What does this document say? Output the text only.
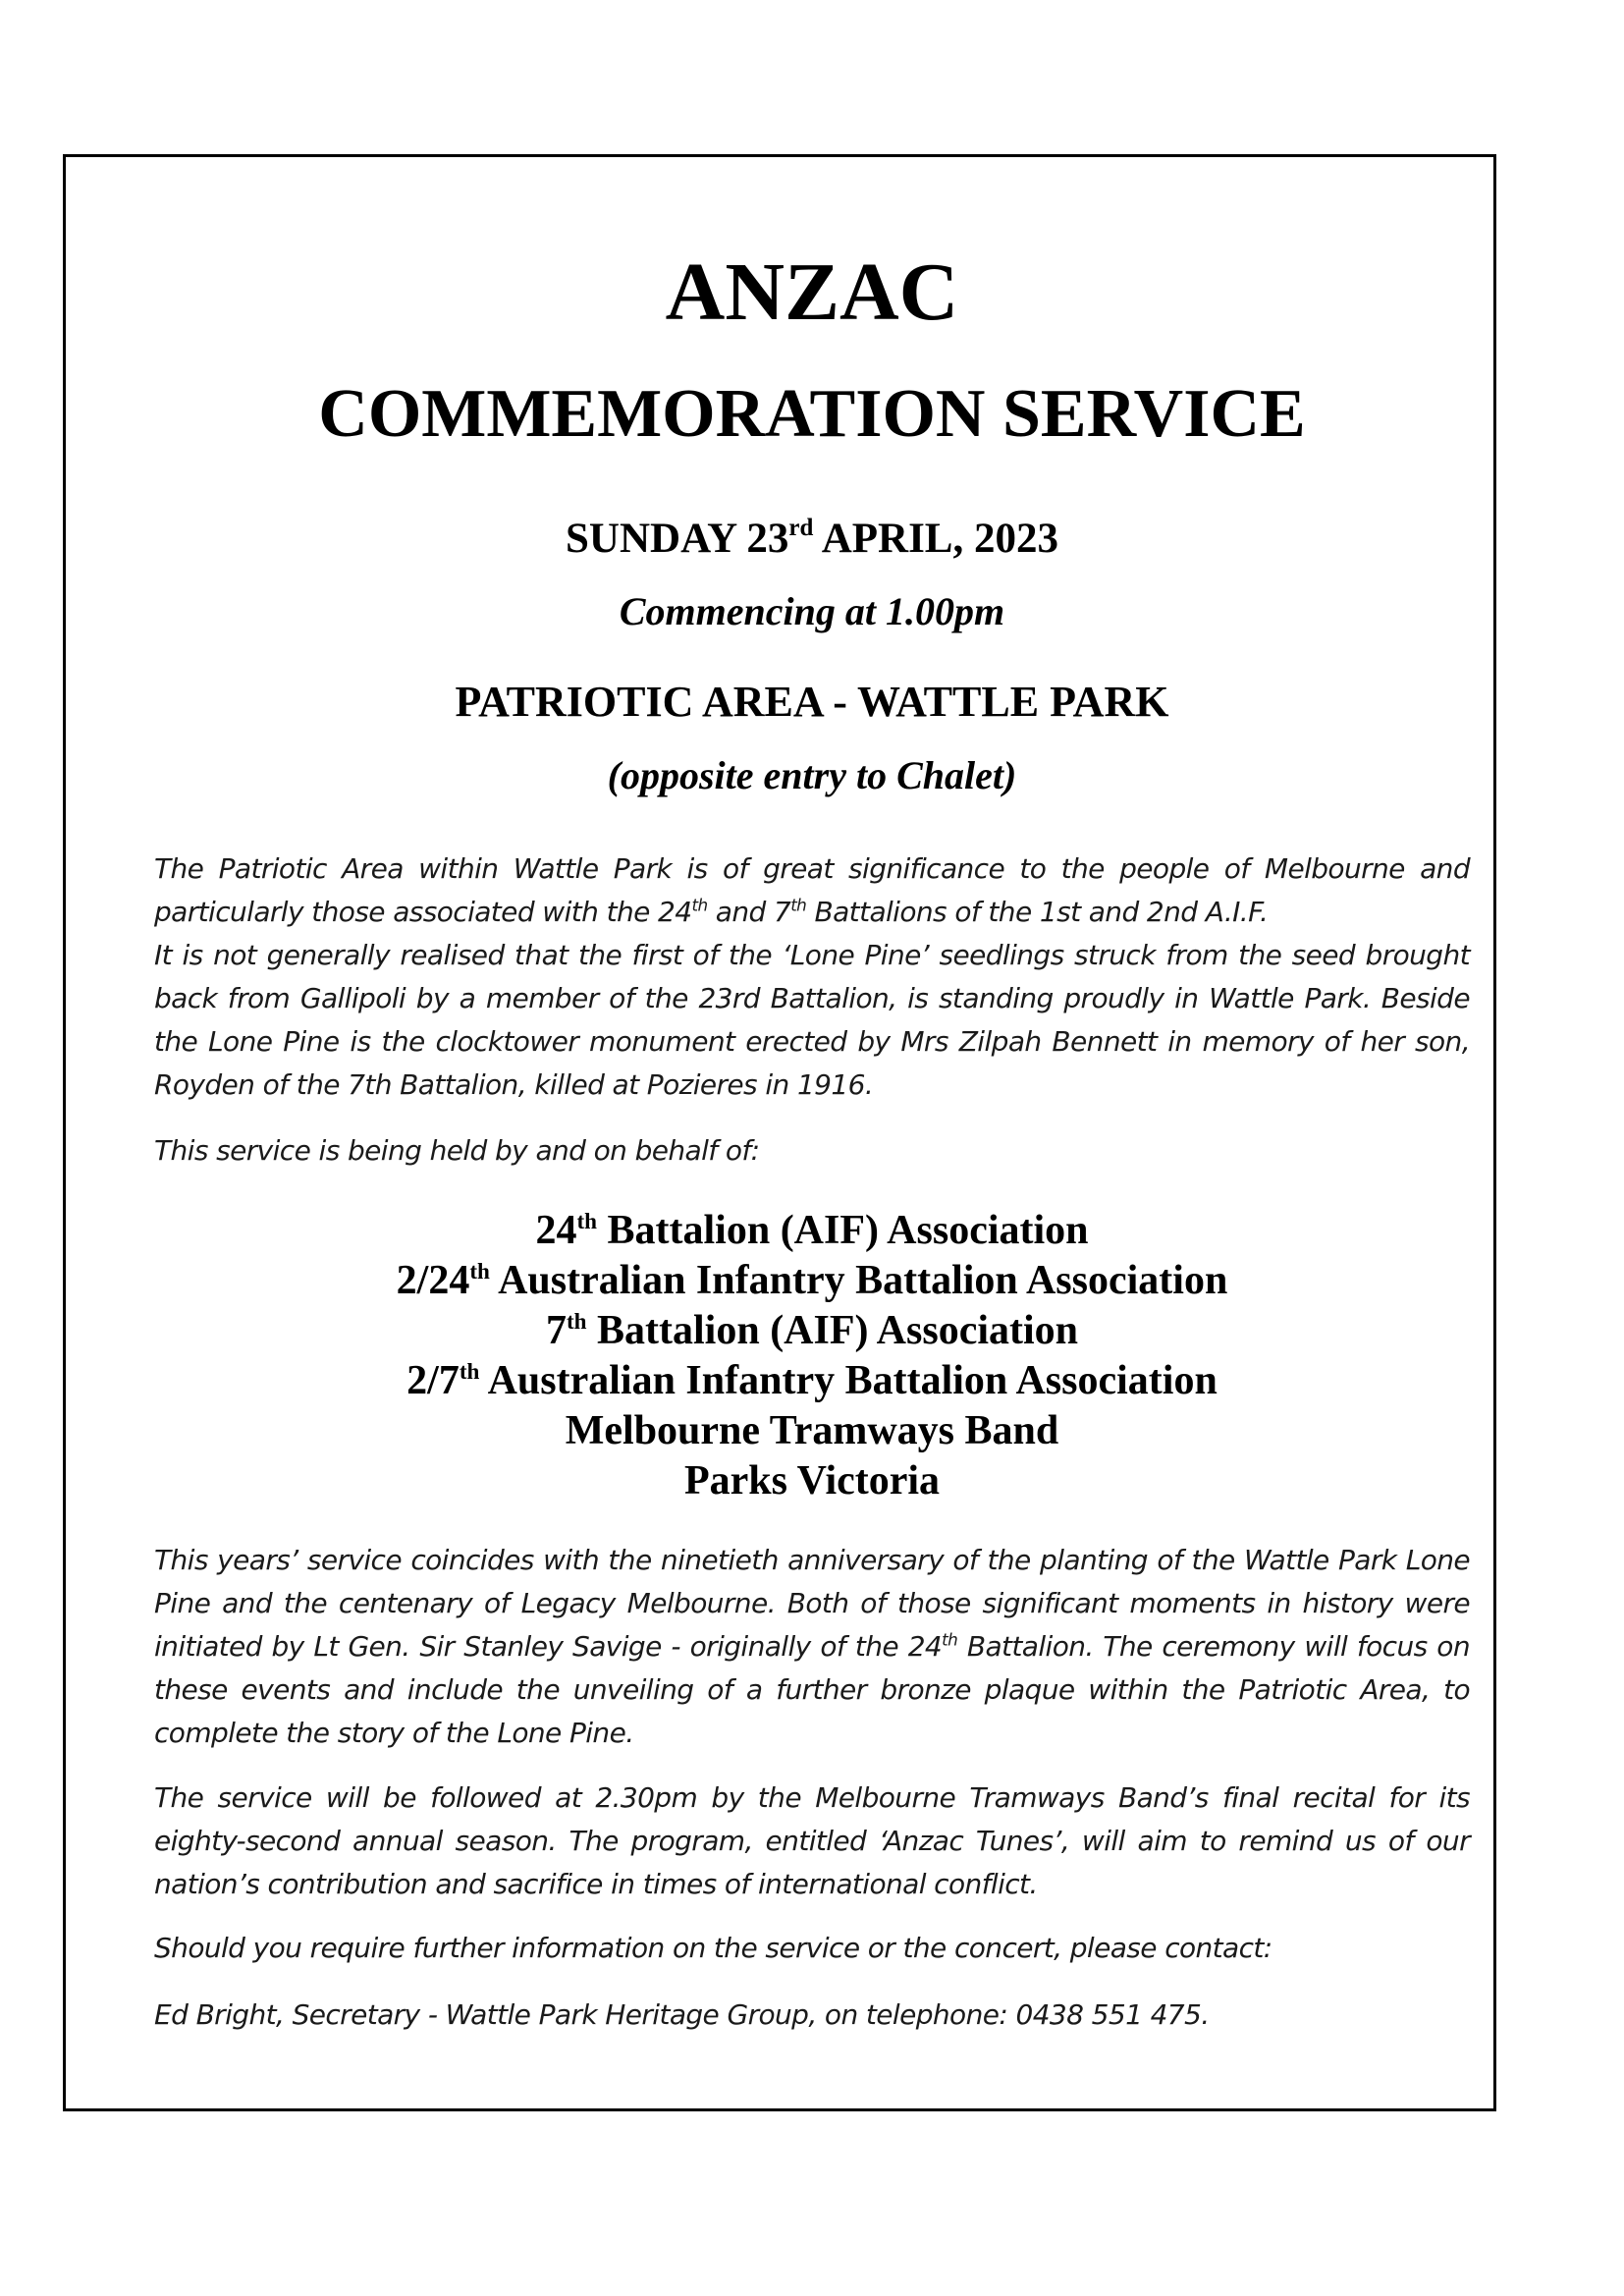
ANZAC
COMMEMORATION SERVICE

SUNDAY 23rd APRIL, 2023

Commencing at 1.00pm

PATRIOTIC AREA - WATTLE PARK

(opposite entry to Chalet)

The Patriotic Area within Wattle Park is of great significance to the people of Melbourne and particularly those associated with the 24th and 7th Battalions of the 1st and 2nd A.I.F.
It is not generally realised that the first of the ‘Lone Pine’ seedlings struck from the seed brought back from Gallipoli by a member of the 23rd Battalion, is standing proudly in Wattle Park. Beside the Lone Pine is the clocktower monument erected by Mrs Zilpah Bennett in memory of her son, Royden of the 7th Battalion, killed at Pozieres in 1916.

This service is being held by and on behalf of:

24th Battalion (AIF) Association
2/24th Australian Infantry Battalion Association
7th Battalion (AIF) Association
2/7th Australian Infantry Battalion Association
Melbourne Tramways Band
Parks Victoria

This years’ service coincides with the ninetieth anniversary of the planting of the Wattle Park Lone Pine and the centenary of Legacy Melbourne. Both of those significant moments in history were initiated by Lt Gen. Sir Stanley Savige - originally of the 24th Battalion. The ceremony will focus on these events and include the unveiling of a further bronze plaque within the Patriotic Area, to complete the story of the Lone Pine.

The service will be followed at 2.30pm by the Melbourne Tramways Band’s final recital for its eighty-second annual season. The program, entitled ‘Anzac Tunes’, will aim to remind us of our nation’s contribution and sacrifice in times of international conflict.

Should you require further information on the service or the concert, please contact:

Ed Bright, Secretary - Wattle Park Heritage Group, on telephone: 0438 551 475.
